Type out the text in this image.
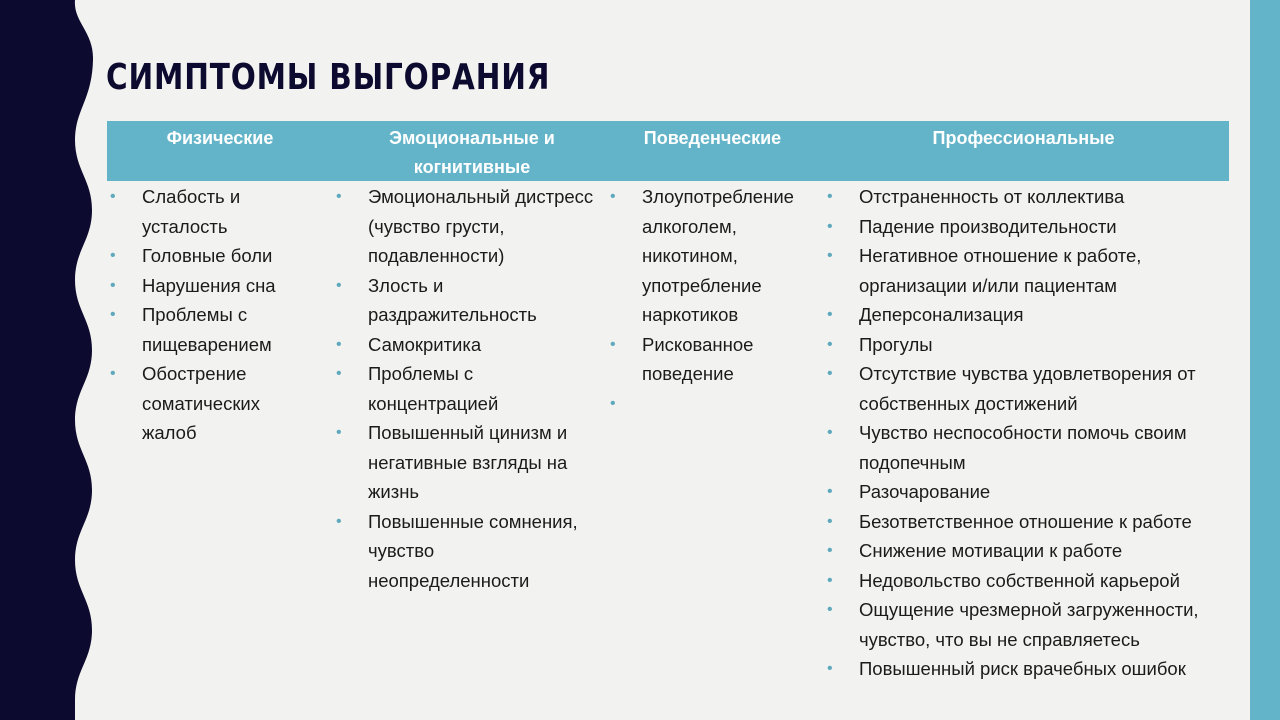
СИМПТОМЫ ВЫГОРАНИЯ
Физические	Эмоциональные и когнитивные
Поведенческие	Профессиональные
• Слабость и усталость
• Головные боли
• Нарушения сна
• Проблемы с пищеварением
• Обострение соматических жалоб
• Эмоциональный дистресс (чувство грусти, подавленности)
• Злость и раздражительность
• Самокритика
• Проблемы с концентрацией
• Повышенный цинизм и негативные взгляды на жизнь
• Повышенные сомнения, чувство неопределенности
• Злоупотребление алкоголем, никотином, употребление наркотиков
• Рискованное поведение
• Отстраненность от коллектива
• Падение производительности
• Негативное отношение к работе, организации и/или пациентам
• Деперсонализация
• Прогулы
• Отсутствие чувства удовлетворения от собственных достижений
• Чувство неспособности помочь своим подопечным
• Разочарование
• Безответственное отношение к работе
• Снижение мотивации к работе
• Недовольство собственной карьерой
• Ощущение чрезмерной загруженности, чувство, что вы не справляетесь
• Повышенный риск врачебных ошибок
